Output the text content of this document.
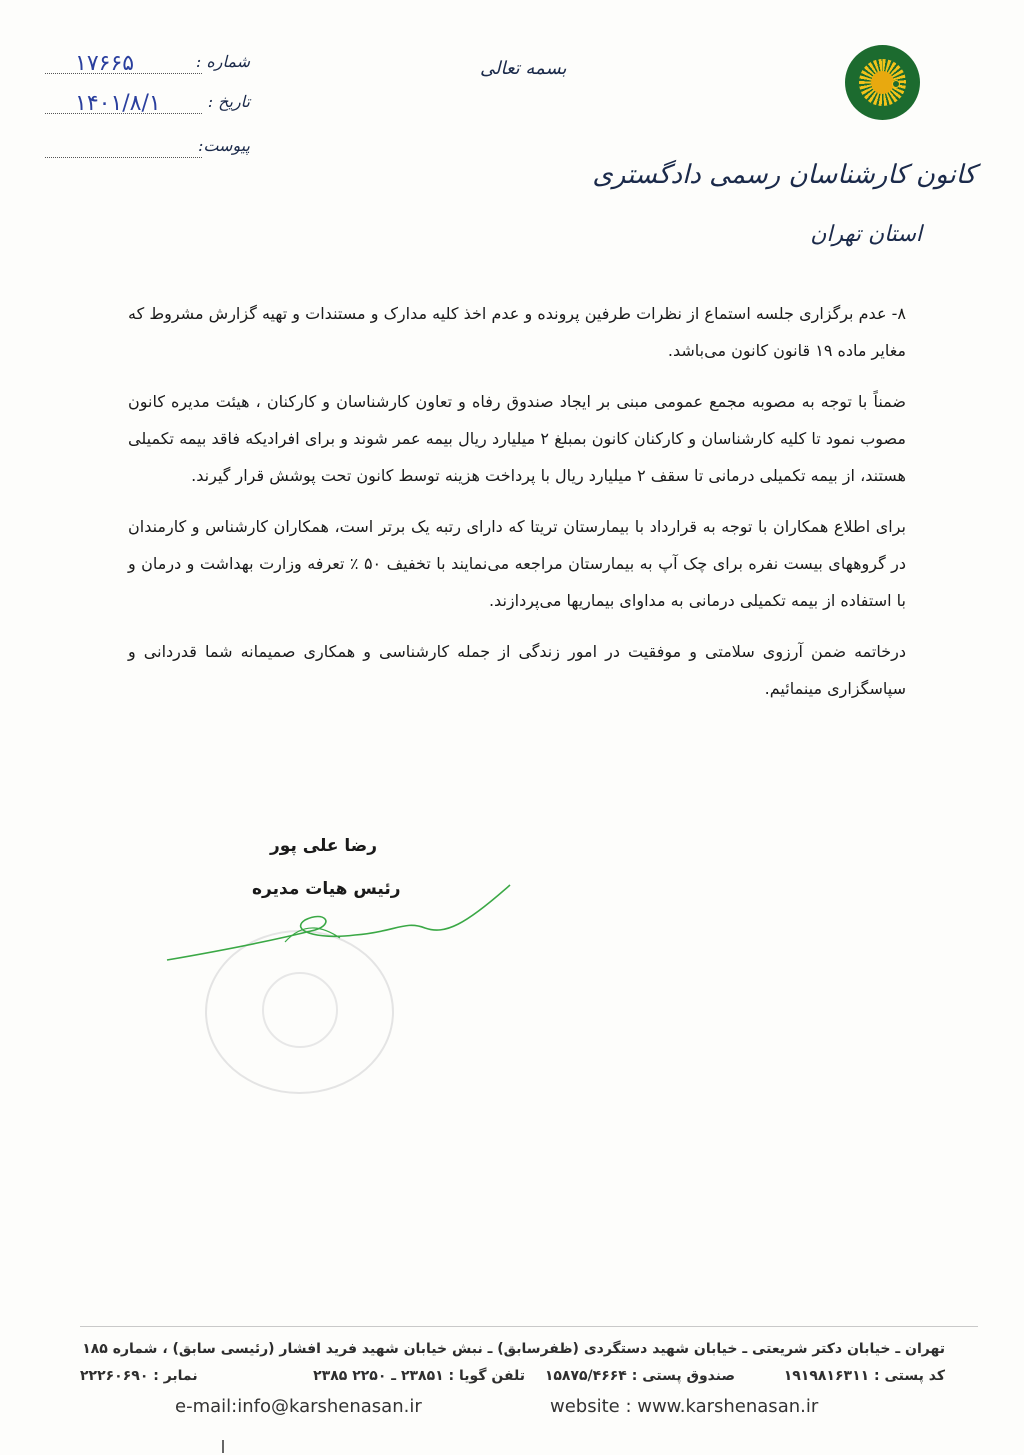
کانون کارشناسان رسمی دادگستری
استان تهران
بسمه تعالی
شماره :
۱۷۶۶۵
تاریخ :
۱۴۰۱/۸/۱
پیوست:

۸- عدم برگزاری جلسه استماع از نظرات طرفین پرونده و عدم اخذ کلیه مدارک و مستندات و تهیه گزارش مشروط که مغایر ماده ۱۹ قانون کانون می‌باشد.

ضمناً با توجه به مصوبه مجمع عمومی مبنی بر ایجاد صندوق رفاه و تعاون کارشناسان و کارکنان ، هیئت مدیره کانون مصوب نمود تا کلیه کارشناسان و کارکنان کانون بمبلغ ۲ میلیارد ریال بیمه عمر شوند و برای افرادیکه فاقد بیمه تکمیلی هستند، از بیمه تکمیلی درمانی تا سقف ۲ میلیارد ریال با پرداخت هزینه توسط کانون تحت پوشش قرار گیرند.

برای اطلاع همکاران با توجه به قرارداد با بیمارستان تریتا که دارای رتبه یک برتر است، همکاران کارشناس و کارمندان در گروههای بیست نفره برای چک آپ به بیمارستان مراجعه می‌نمایند با تخفیف ۵۰ ٪ تعرفه وزارت بهداشت و درمان و با استفاده از بیمه تکمیلی درمانی به مداوای بیماریها می‌پردازند.

درخاتمه ضمن آرزوی سلامتی و موفقیت در امور زندگی از جمله کارشناسی و همکاری صمیمانه شما قدردانی و سپاسگزاری مینمائیم.

رضا علی پور
رئیس هیات مدیره
تهران ـ خیابان دکتر شریعتی ـ خیابان شهید دستگردی (ظفرسابق) ـ نبش خیابان شهید فرید افشار (رئیسی سابق) ، شماره ۱۸۵
کد پستی : ۱۹۱۹۸۱۶۳۱۱
صندوق پستی : ۱۵۸۷۵/۴۶۶۴
تلفن گویا : ۲۳۸۵۱ ـ ۲۲۵۰ ۲۳۸۵
نمابر : ۲۲۲۶۰۶۹۰
e-mail:info@karshenasan.ir	website : www.karshenasan.ir
